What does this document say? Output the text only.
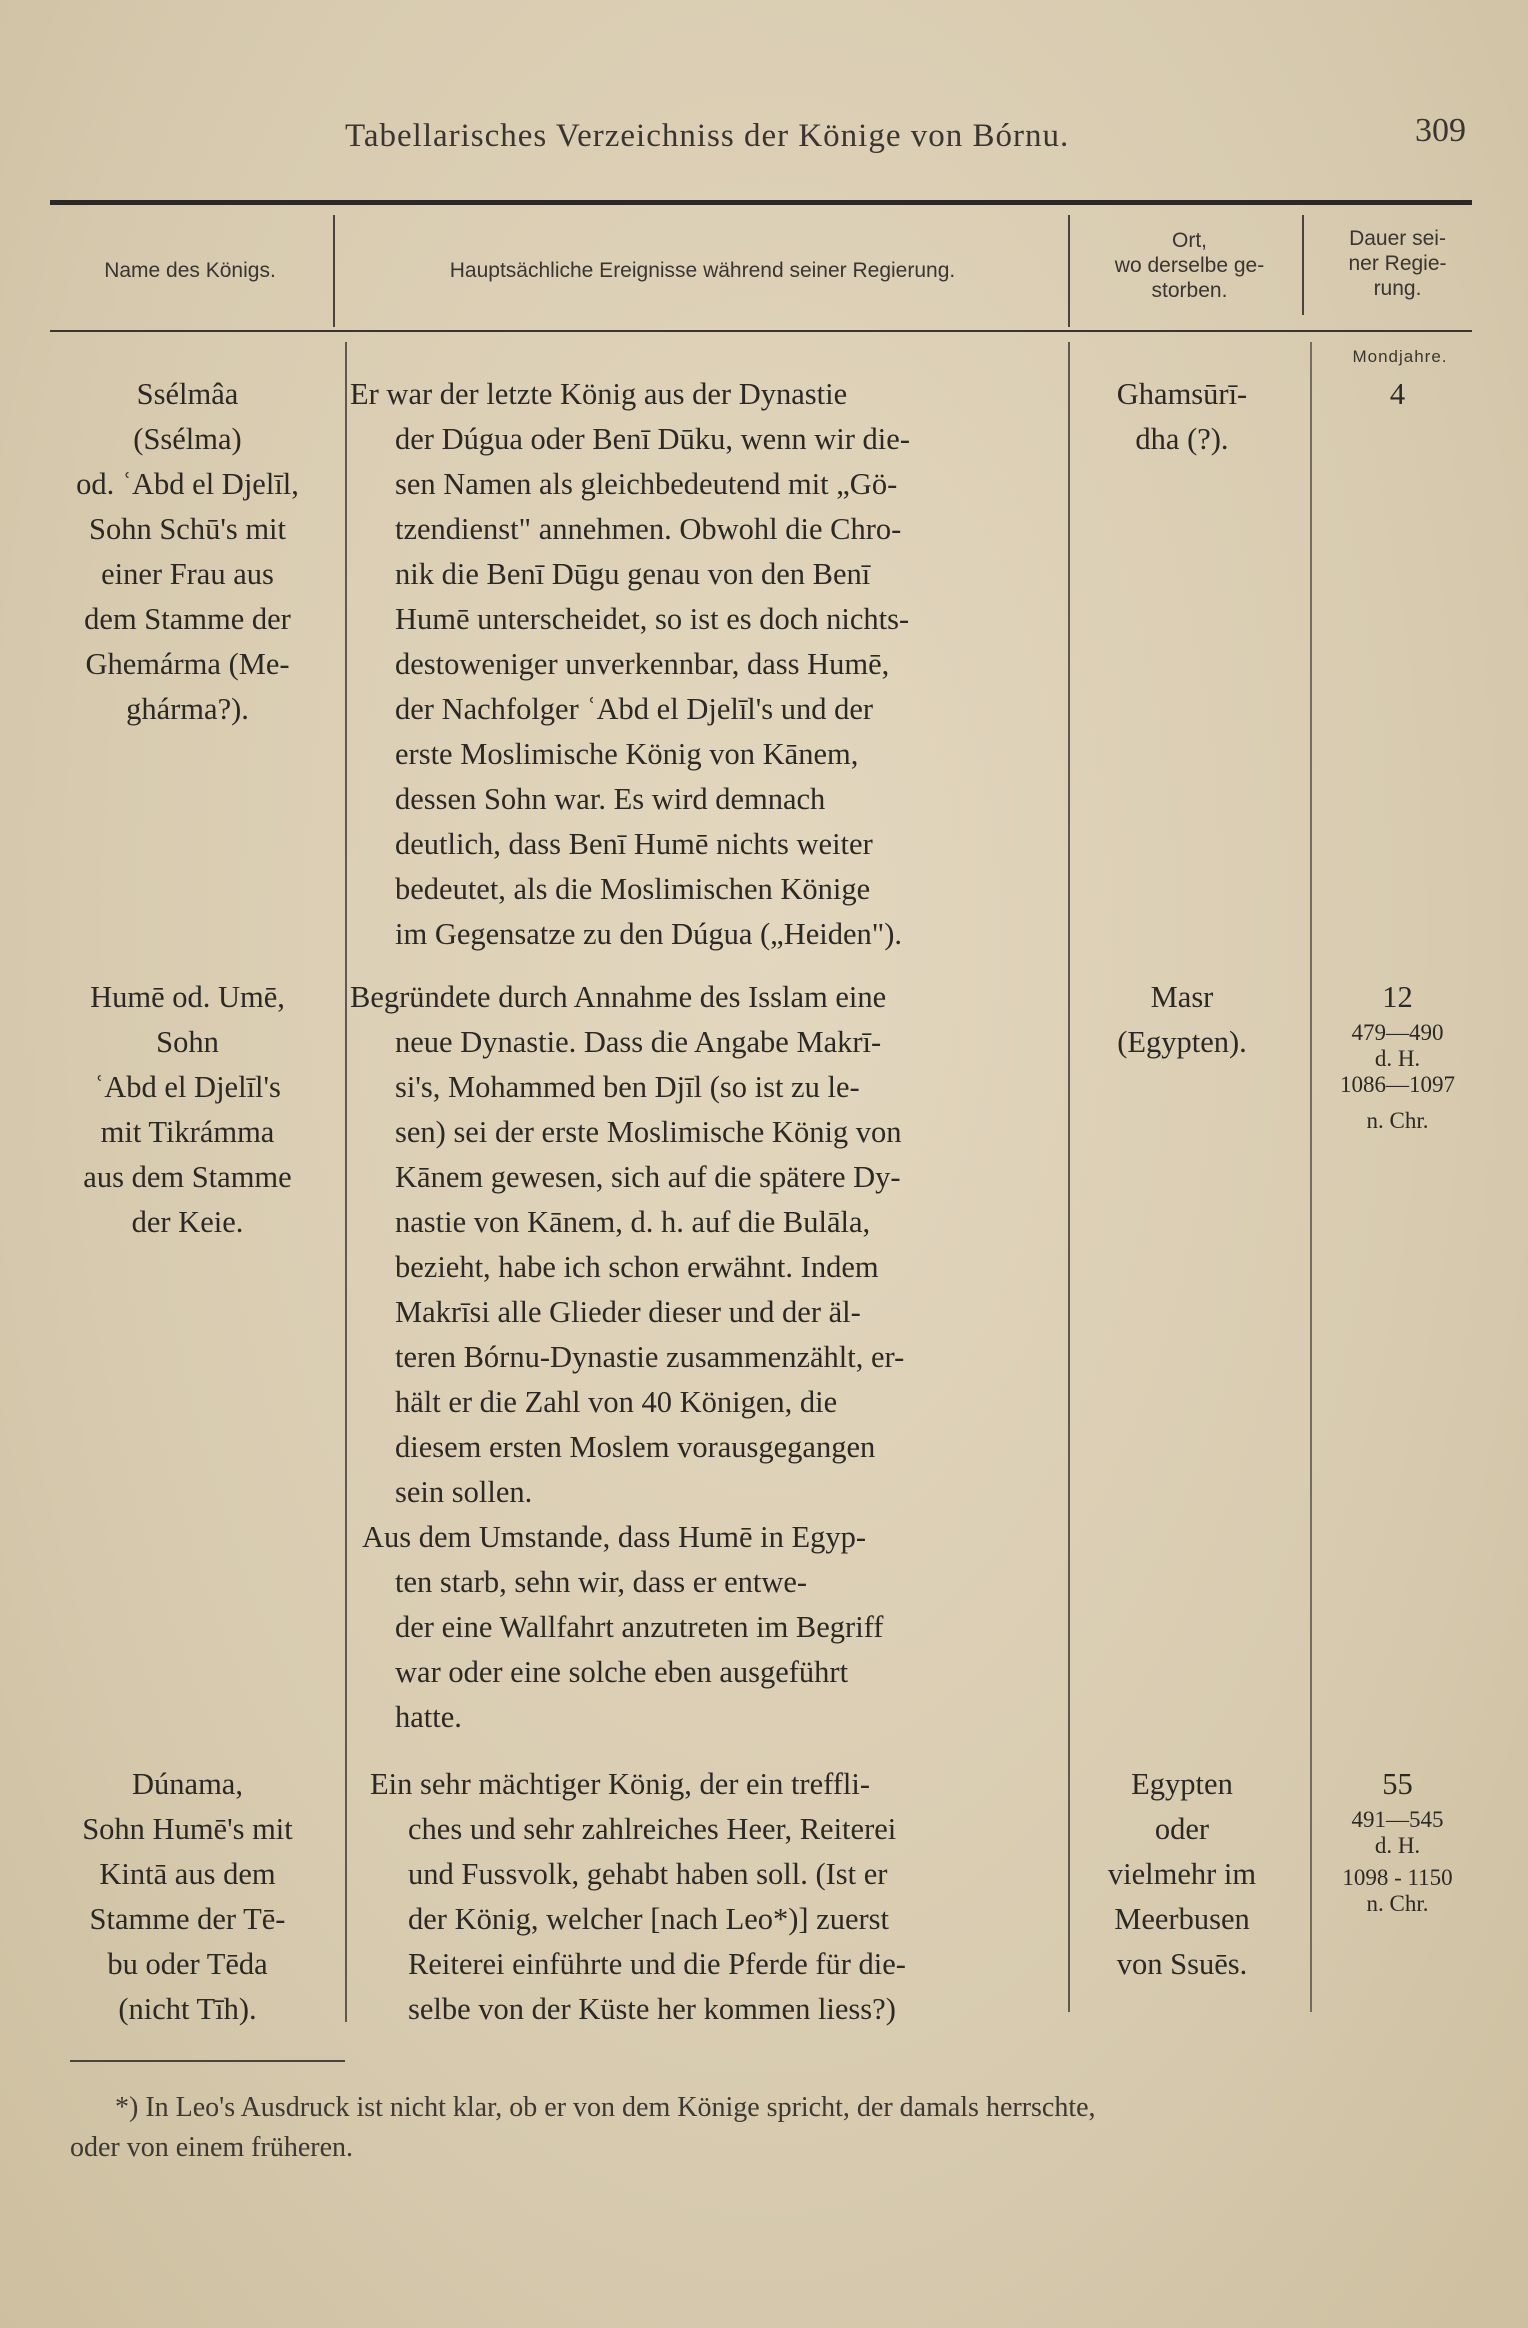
Tabellarisches Verzeichniss der Könige von Bórnu.	309
Name des Königs.	Hauptsächliche Ereignisse während seiner Regierung.
Ort,
wo derselbe ge-
storben.
Dauer sei-
ner Regie-
rung.
Mondjahre.
Ssélmâa
(Ssélma)
od. ʿAbd el Djelīl,
Sohn Schū's mit
einer Frau aus
dem Stamme der
Ghemárma (Me-
ghárma?).
Er war der letzte König aus der Dynastie
der Dúgua oder Benī Dūku, wenn wir die-
sen Namen als gleichbedeutend mit „Gö-
tzendienst" annehmen. Obwohl die Chro-
nik die Benī Dūgu genau von den Benī
Humē unterscheidet, so ist es doch nichts-
destoweniger unverkennbar, dass Humē,
der Nachfolger ʿAbd el Djelīl's und der
erste Moslimische König von Kānem,
dessen Sohn war. Es wird demnach
deutlich, dass Benī Humē nichts weiter
bedeutet, als die Moslimischen Könige
im Gegensatze zu den Dúgua („Heiden").
Ghamsūrī-
dha (?).
4
Humē od. Umē,
Sohn
ʿAbd el Djelīl's
mit Tikrámma
aus dem Stamme
der Keie.
Begründete durch Annahme des Isslam eine
neue Dynastie. Dass die Angabe Makrī-
si's, Mohammed ben Djīl (so ist zu le-
sen) sei der erste Moslimische König von
Kānem gewesen, sich auf die spätere Dy-
nastie von Kānem, d. h. auf die Bulāla,
bezieht, habe ich schon erwähnt. Indem
Makrīsi alle Glieder dieser und der äl-
teren Bórnu-Dynastie zusammenzählt, er-
hält er die Zahl von 40 Königen, die
diesem ersten Moslem vorausgegangen
sein sollen.
Aus dem Umstande, dass Humē in Egyp-
ten starb, sehn wir, dass er entwe-
der eine Wallfahrt anzutreten im Begriff
war oder eine solche eben ausgeführt
hatte.
Masr
(Egypten).
12
479—490
d. H.
1086—1097
n. Chr.
Dúnama,
Sohn Humē's mit
Kintā aus dem
Stamme der Tē-
bu oder Tēda
(nicht Tīh).
Ein sehr mächtiger König, der ein treffli-
ches und sehr zahlreiches Heer, Reiterei
und Fussvolk, gehabt haben soll. (Ist er
der König, welcher [nach Leo*)] zuerst
Reiterei einführte und die Pferde für die-
selbe von der Küste her kommen liess?)
Egypten
oder
vielmehr im
Meerbusen
von Ssuēs.
55
491—545
d. H.
1098 - 1150
n. Chr.
*) In Leo's Ausdruck ist nicht klar, ob er von dem Könige spricht, der damals herrschte,
oder von einem früheren.
